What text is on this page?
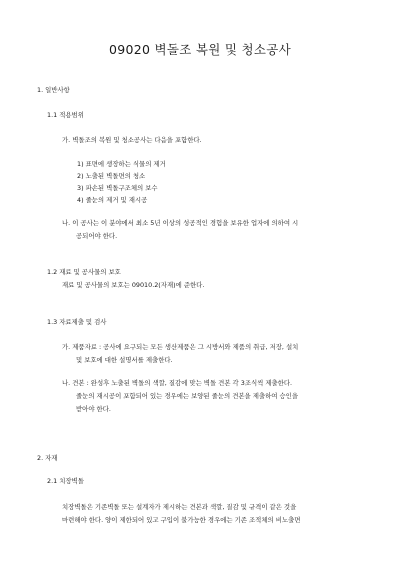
09020 벽돌조 복원 및 청소공사
1. 일반사항
1.1 적용범위
가. 벽돌조의 복원 및 청소공사는 다음을 포함한다.
1) 표면에 생장하는 식물의 제거
2) 노출된 벽돌면의 청소
3) 파손된 벽돌구조체의 보수
4) 줄눈의 제거 및 재시공
나. 이 공사는 이 분야에서 최소 5년 이상의 성공적인 경험을 보유한 업자에 의하여 시
공되어야 한다.
1.2 재료 및 공사물의 보호
재료 및 공사물의 보호는 09010.2(자재)에 준한다.
1.3 자료제출 및 검사
가. 제품자료 : 공사에 요구되는 모든 생산제품은 그 시방서와 제품의 취급, 저장, 설치
및 보호에 대한 설명서를 제출한다.
나. 견본 : 완성후 노출된 벽돌의 색깔, 질감에 맞는 벽돌 견본 각 3조식씩 제출한다.
줄눈의 재시공이 포함되어 있는 경우에는 보양된 줄눈의 견본을 제출하여 승인을
받아야 한다.
2. 자재
2.1 치장벽돌
치장벽돌은 기존벽돌 또는 설계자가 제시하는 견본과 색깔, 질감 및 규격이 같은 것을
마련해야 한다. 양이 제한되어 있고 구입이 불가능한 경우에는 기존 조적체의 비노출면
